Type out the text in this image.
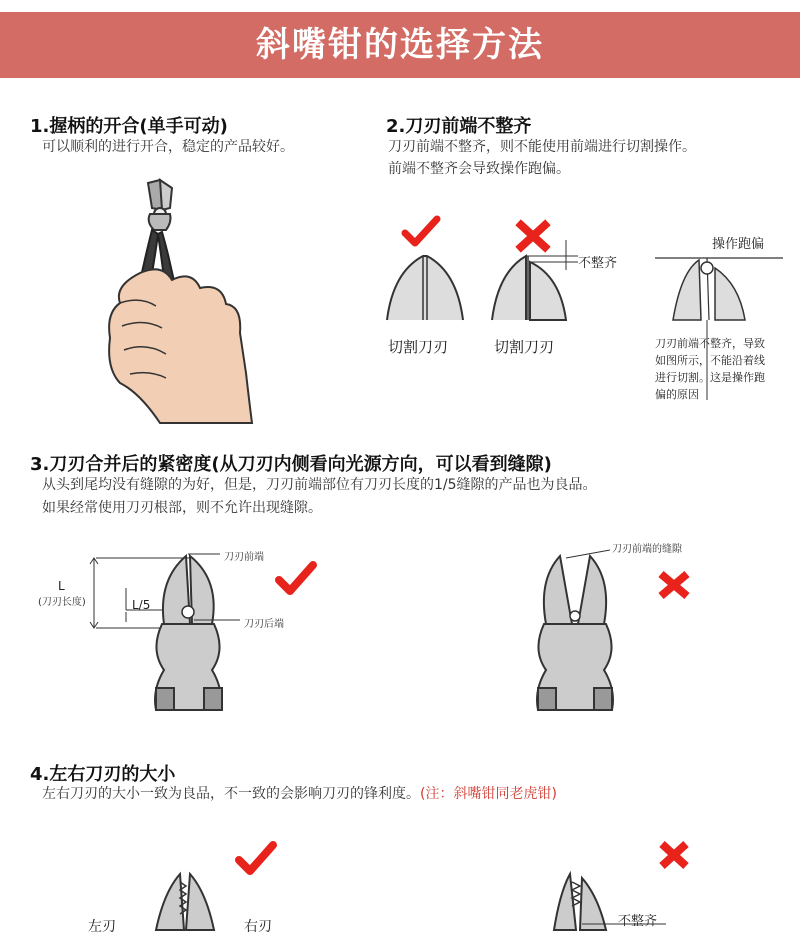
斜嘴钳的选择方法
1.握柄的开合(单手可动)
可以顺利的进行开合，稳定的产品较好。
2.刀刃前端不整齐
刀刃前端不整齐，则不能使用前端进行切割操作。
前端不整齐会导致操作跑偏。
切割刀刃
不整齐
切割刀刃
操作跑偏
刀刃前端不整齐，导致
如图所示，不能沿着线
进行切割。这是操作跑
偏的原因
3.刀刃合并后的紧密度(从刀刃内侧看向光源方向，可以看到缝隙)
从头到尾均没有缝隙的为好，但是，刀刃前端部位有刀刃长度的1/5缝隙的产品也为良品。
如果经常使用刀刃根部，则不允许出现缝隙。
刀刃前端
刀刃后端
L
(刀刃长度)	L/5
刀刃前端的缝隙
4.左右刀刃的大小
左右刀刃的大小一致为良品，不一致的会影响刀刃的锋利度。(注：斜嘴钳同老虎钳)
左刃	右刃	不整齐
